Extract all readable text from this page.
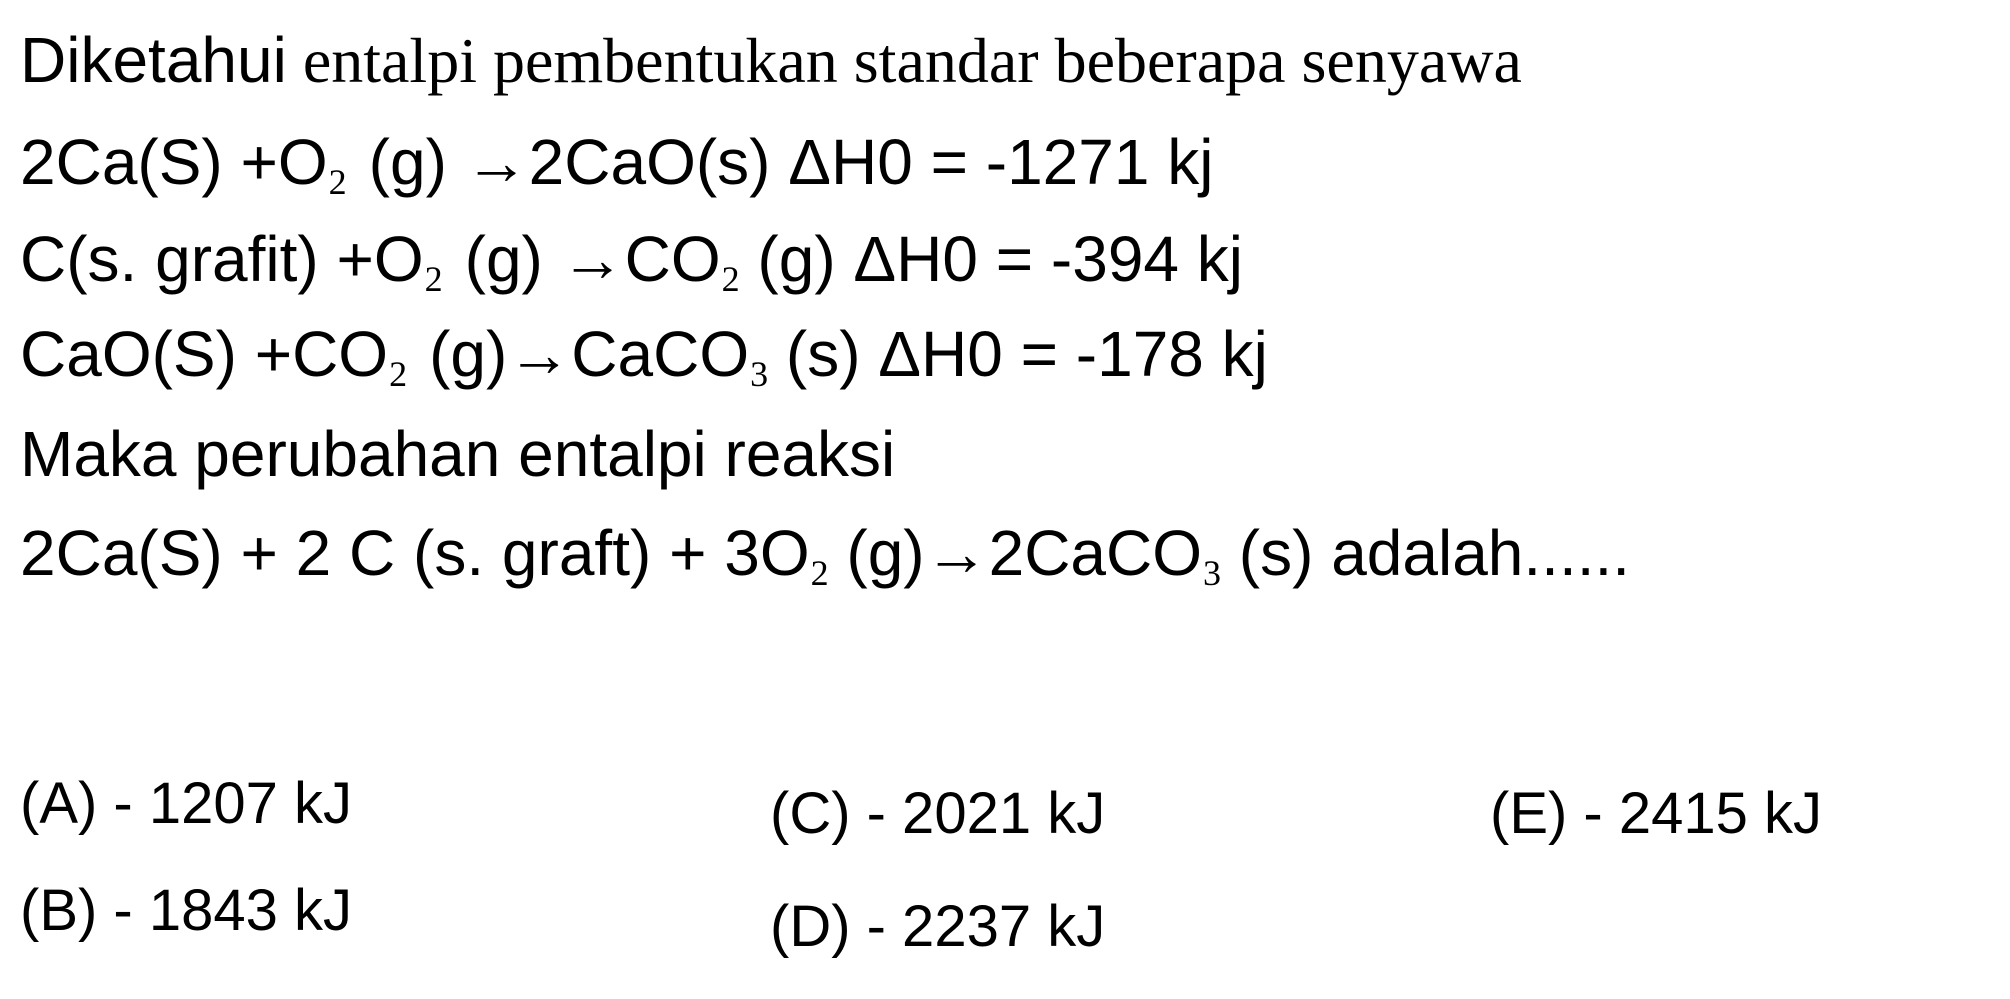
Diketahui entalpi pembentukan standar beberapa senyawa
2Ca(S) +O2 (g) →2CaO(s) ΔH0 = -1271 kj
C(s. grafit) +O2 (g) →CO2 (g) ΔH0 = -394 kj
CaO(S) +CO2 (g)→CaCO3 (s) ΔH0 = -178 kj
Maka perubahan entalpi reaksi
2Ca(S) + 2 C (s. graft) + 3O2 (g)→2CaCO3 (s) adalah......
(A) - 1207 kJ
(B) - 1843 kJ
(C) - 2021 kJ
(D) - 2237 kJ
(E) - 2415 kJ
